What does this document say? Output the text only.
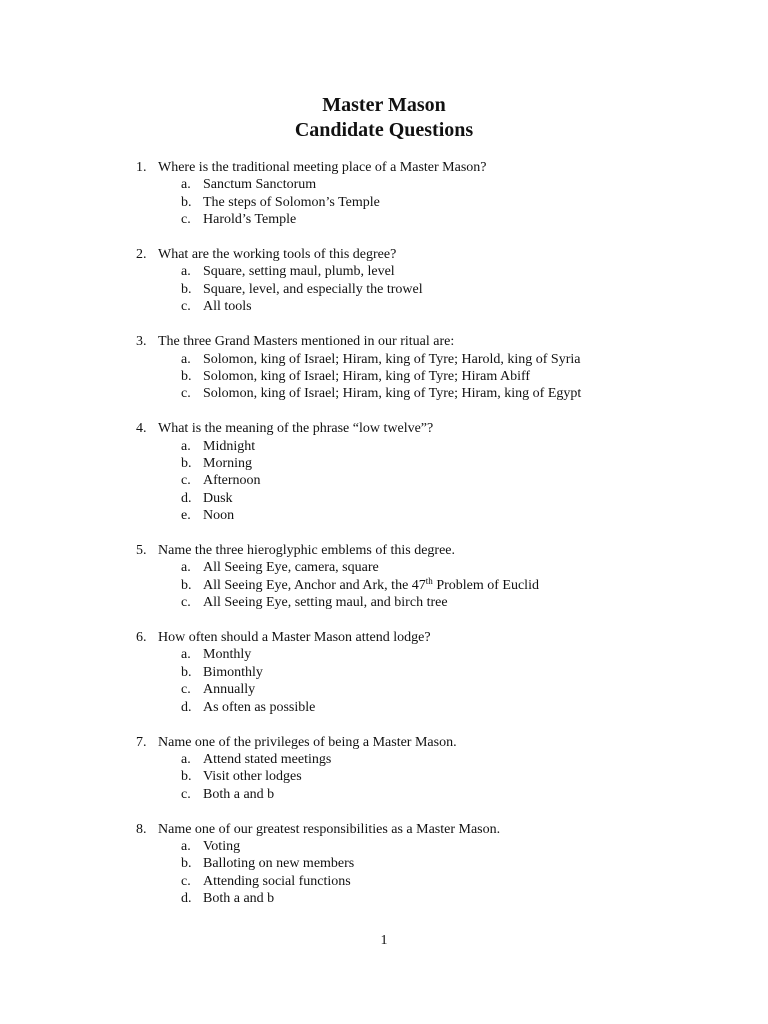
Master Mason
Candidate Questions
1. Where is the traditional meeting place of a Master Mason?
a. Sanctum Sanctorum
b. The steps of Solomon’s Temple
c. Harold’s Temple
2. What are the working tools of this degree?
a. Square, setting maul, plumb, level
b. Square, level, and especially the trowel
c. All tools
3. The three Grand Masters mentioned in our ritual are:
a. Solomon, king of Israel; Hiram, king of Tyre; Harold, king of Syria
b. Solomon, king of Israel; Hiram, king of Tyre; Hiram Abiff
c. Solomon, king of Israel; Hiram, king of Tyre; Hiram, king of Egypt
4. What is the meaning of the phrase “low twelve”?
a. Midnight
b. Morning
c. Afternoon
d. Dusk
e. Noon
5. Name the three hieroglyphic emblems of this degree.
a. All Seeing Eye, camera, square
b. All Seeing Eye, Anchor and Ark, the 47th Problem of Euclid
c. All Seeing Eye, setting maul, and birch tree
6. How often should a Master Mason attend lodge?
a. Monthly
b. Bimonthly
c. Annually
d. As often as possible
7. Name one of the privileges of being a Master Mason.
a. Attend stated meetings
b. Visit other lodges
c. Both a and b
8. Name one of our greatest responsibilities as a Master Mason.
a. Voting
b. Balloting on new members
c. Attending social functions
d. Both a and b
1
